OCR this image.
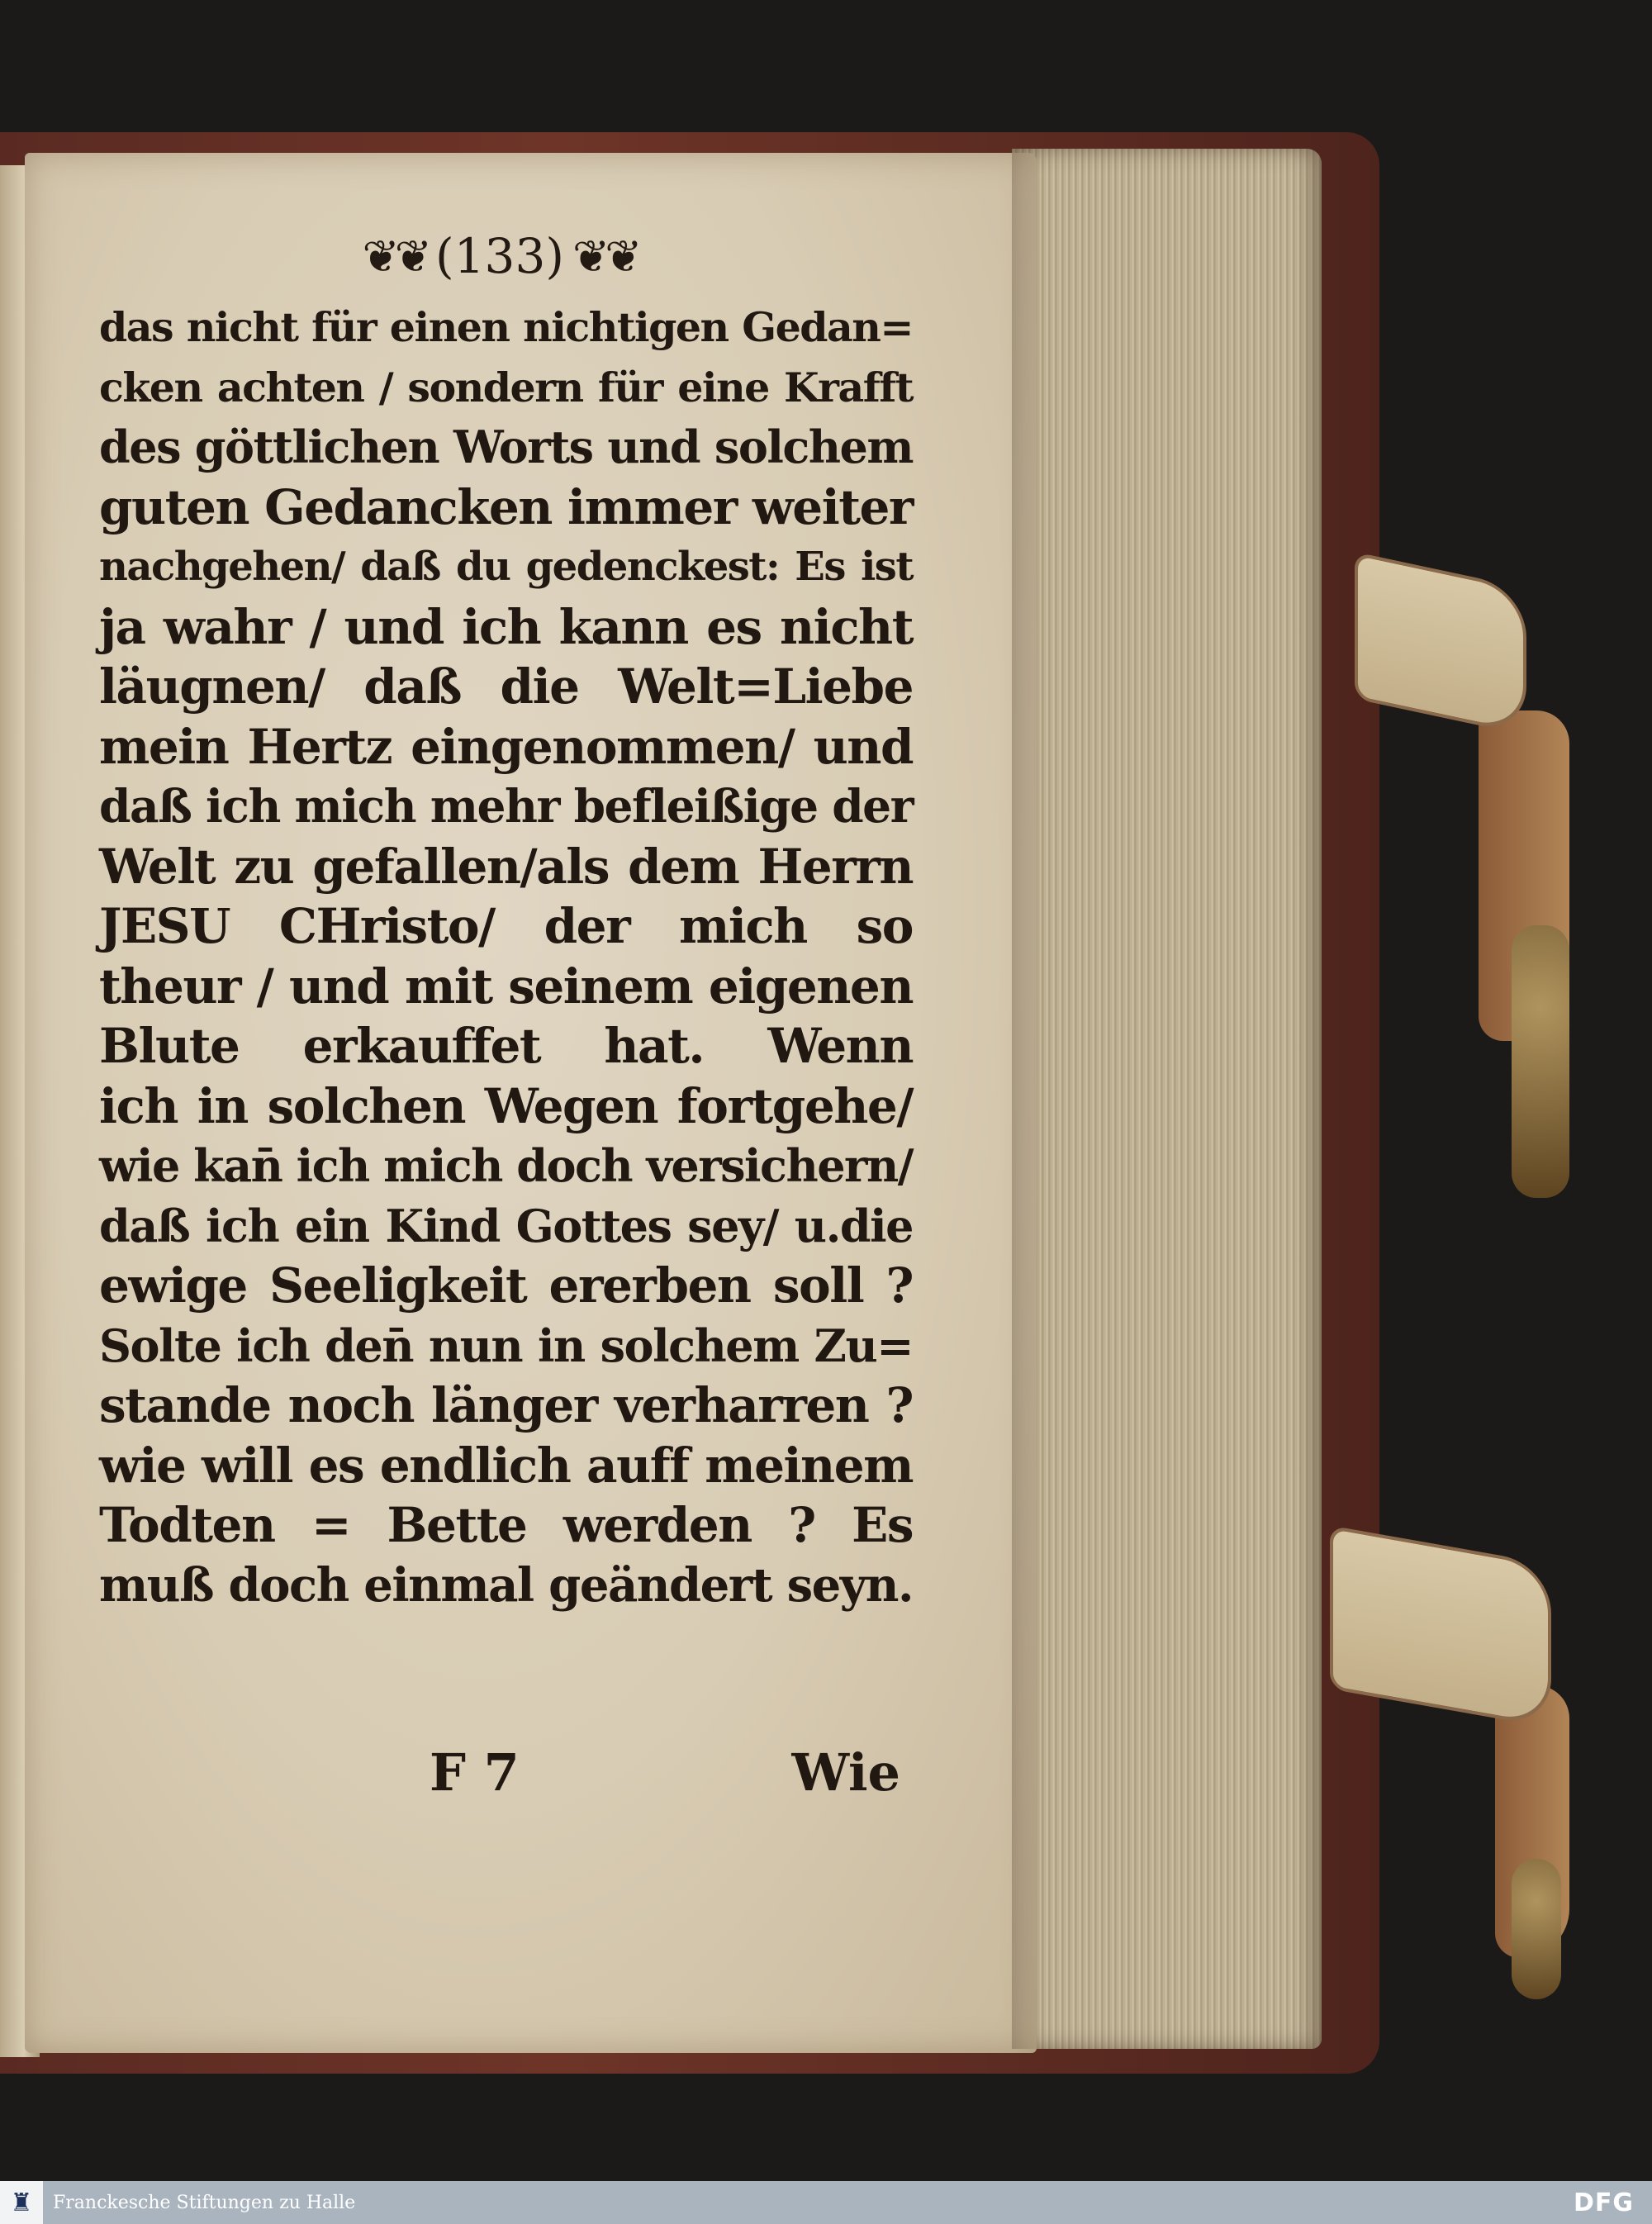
❦❦ (133) ❦❦
das nicht für einen nichtigen Gedan=
cken achten / sondern für eine Krafft
des göttlichen Worts und solchem
guten Gedancken immer weiter
nachgehen/ daß du gedenckest: Es ist
ja wahr / und ich kann es nicht
läugnen/ daß die Welt=Liebe
mein Hertz eingenommen/ und
daß ich mich mehr befleißige der
Welt zu gefallen/als dem Herrn
JESU CHristo/ der mich so
theur / und mit seinem eigenen
Blute erkauffet hat. Wenn
ich in solchen Wegen fortgehe/
wie kan̄ ich mich doch versichern/
daß ich ein Kind Gottes sey/ u.die
ewige Seeligkeit ererben soll ?
Solte ich den̄ nun in solchem Zu=
stande noch länger verharren ?
wie will es endlich auff meinem
Todten = Bette werden ? Es
muß doch einmal geändert seyn.
F 7	Wie
♜	Franckesche Stiftungen zu Halle	DFG
